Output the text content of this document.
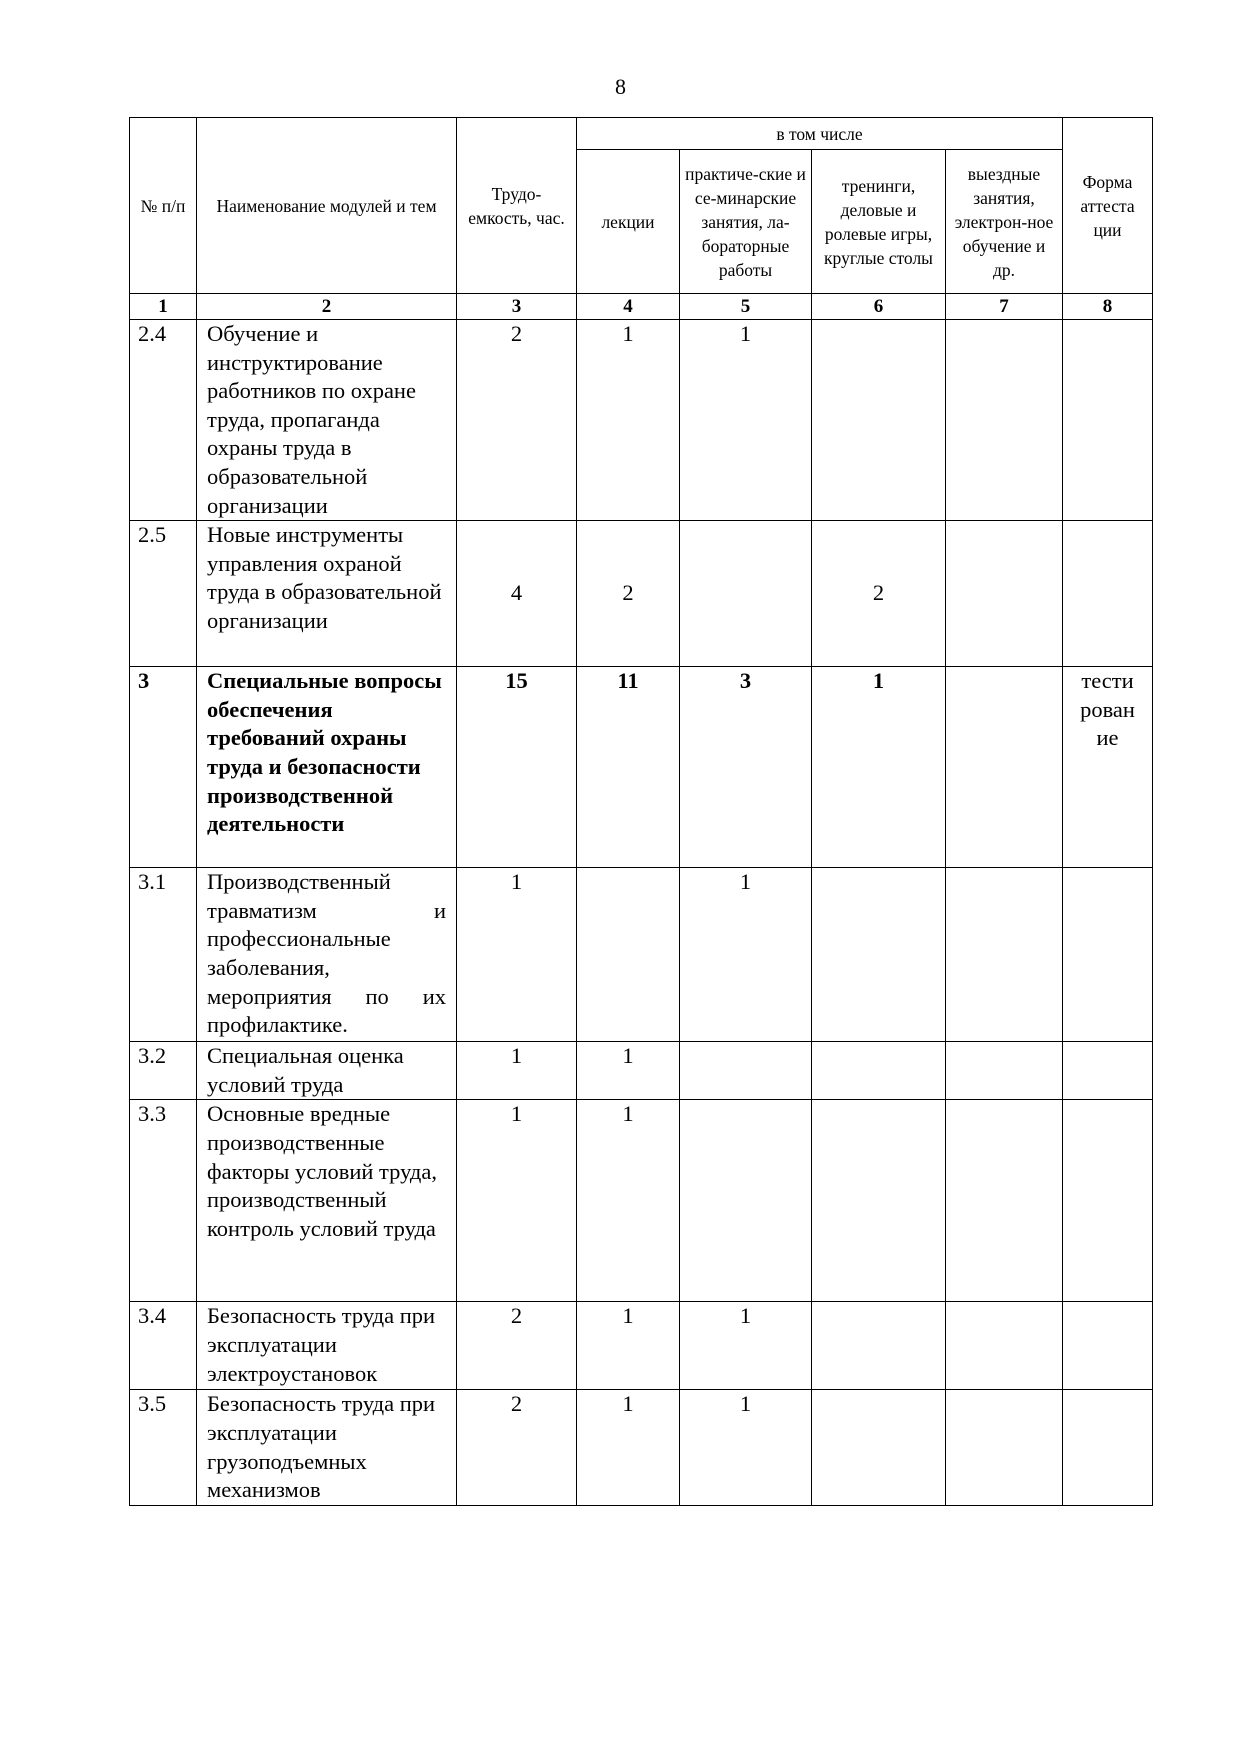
8
№ п/п	Наименование модулей и тем	Трудо-емкость, час.	в том числе				Форма аттеста ции
			лекции	практиче-ские и се-минарские занятия, ла-бораторные работы	тренинги, деловые и ролевые игры, круглые столы	выездные занятия, электрон-ное обучение и др.	
1	2	3	4	5	6	7	8
2.4	Обучение и инструктирование работников по охране труда, пропаганда охраны труда в образовательной организации	2	1	1			
2.5	Новые инструменты управления охраной труда в образовательной организации	4	2		2		
3	Специальные вопросы обеспечения требований охраны труда и безопасности производственной деятельности	15	11	3	1		тести рован ие
3.1	Производственный травматизм и профессиональные заболевания, мероприятия по их профилактике.	1		1			
3.2	Специальная оценка условий труда	1	1				
3.3	Основные вредные производственные факторы условий труда, производственный контроль условий труда	1	1				
3.4	Безопасность труда при эксплуатации электроустановок	2	1	1			
3.5	Безопасность труда при эксплуатации грузоподъемных механизмов	2	1	1			
